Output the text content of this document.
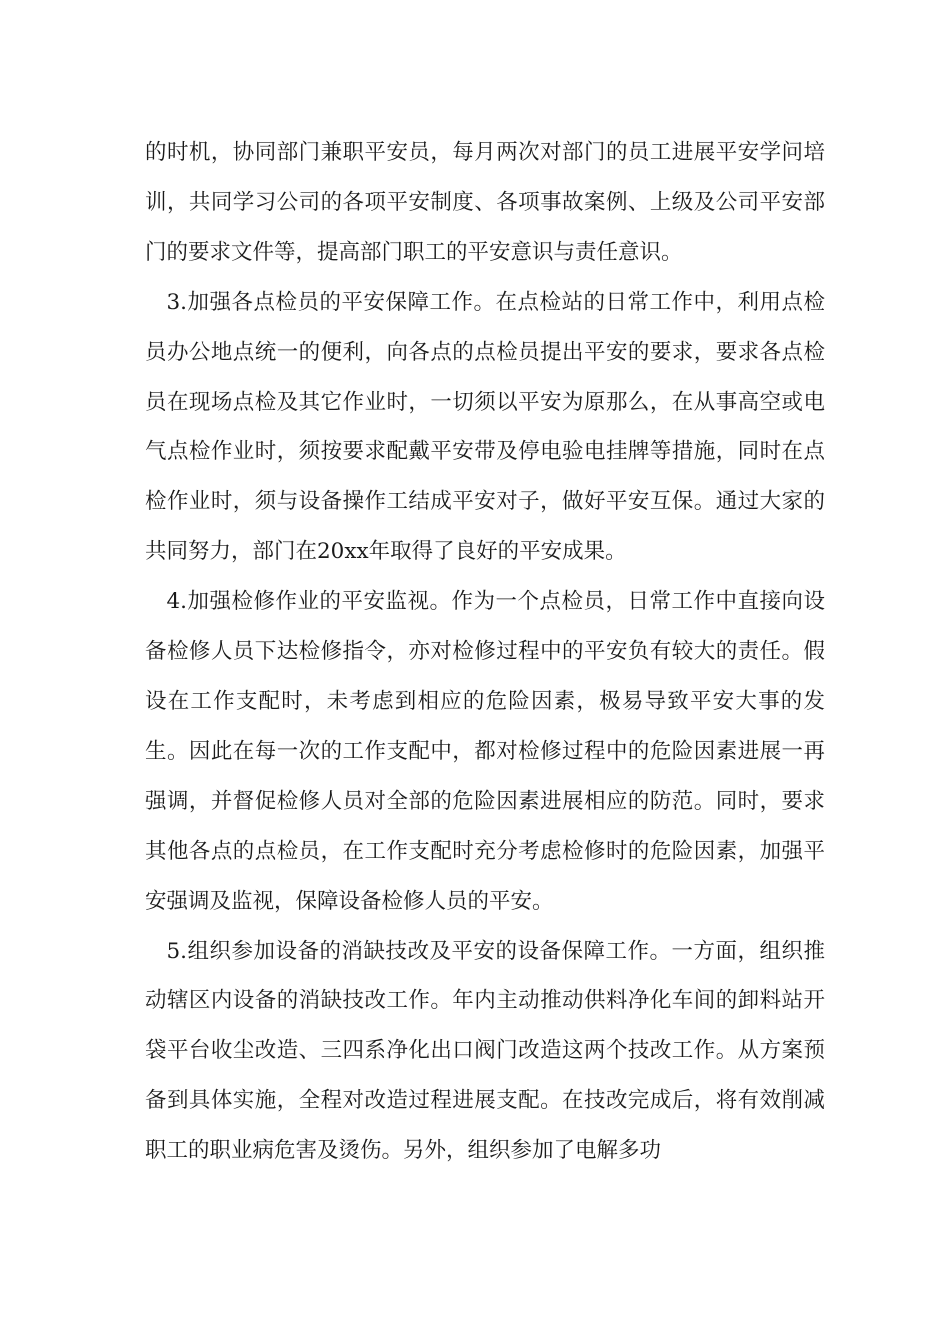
的时机，协同部门兼职平安员，每月两次对部门的员工进展平安学问培训，共同学习公司的各项平安制度、各项事故案例、上级及公司平安部门的要求文件等，提高部门职工的平安意识与责任意识。

3.加强各点检员的平安保障工作。在点检站的日常工作中，利用点检员办公地点统一的便利，向各点的点检员提出平安的要求，要求各点检员在现场点检及其它作业时，一切须以平安为原那么，在从事高空或电气点检作业时，须按要求配戴平安带及停电验电挂牌等措施，同时在点检作业时，须与设备操作工结成平安对子，做好平安互保。通过大家的共同努力，部门在20xx年取得了良好的平安成果。

4.加强检修作业的平安监视。作为一个点检员，日常工作中直接向设备检修人员下达检修指令，亦对检修过程中的平安负有较大的责任。假设在工作支配时，未考虑到相应的危险因素，极易导致平安大事的发生。因此在每一次的工作支配中，都对检修过程中的危险因素进展一再强调，并督促检修人员对全部的危险因素进展相应的防范。同时，要求其他各点的点检员，在工作支配时充分考虑检修时的危险因素，加强平安强调及监视，保障设备检修人员的平安。

5.组织参加设备的消缺技改及平安的设备保障工作。一方面，组织推动辖区内设备的消缺技改工作。年内主动推动供料净化车间的卸料站开袋平台收尘改造、三四系净化出口阀门改造这两个技改工作。从方案预备到具体实施，全程对改造过程进展支配。在技改完成后，将有效削减职工的职业病危害及烫伤。另外，组织参加了电解多功
